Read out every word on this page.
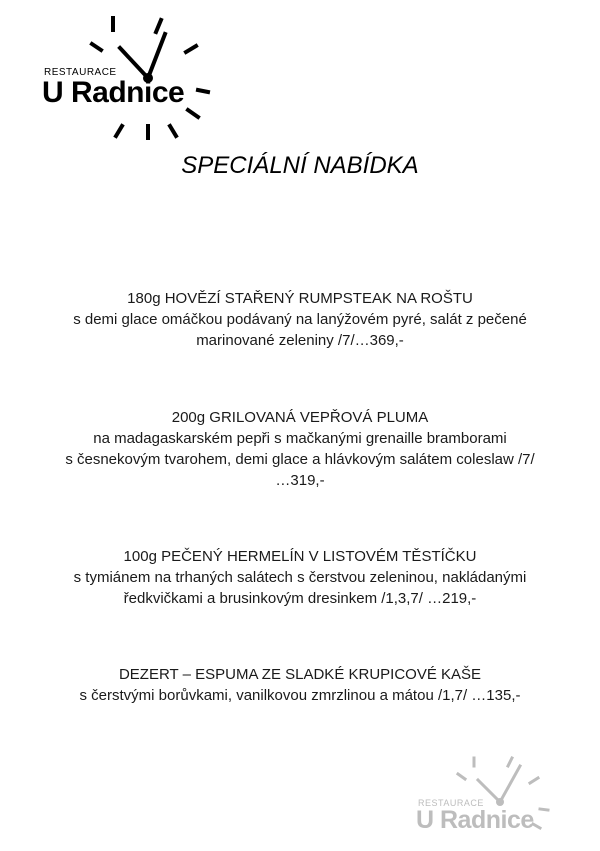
RESTAURACE
U Radnice
SPECIÁLNÍ NABÍDKA

180g HOVĚZÍ STAŘENÝ RUMPSTEAK NA ROŠTU

s demi glace omáčkou podávaný na lanýžovém pyré, salát z pečené

marinované zeleniny /7/…369,-

200g GRILOVANÁ VEPŘOVÁ PLUMA

na madagaskarském pepři s mačkanými grenaille bramborami

s česnekovým tvarohem, demi glace a hlávkovým salátem coleslaw /7/

…319,-

100g PEČENÝ HERMELÍN V LISTOVÉM TĚSTÍČKU

s tymiánem na trhaných salátech s čerstvou zeleninou, nakládanými

ředkvičkami a brusinkovým dresinkem /1,3,7/ …219,-

DEZERT – ESPUMA ZE SLADKÉ KRUPICOVÉ KAŠE

s čerstvými borůvkami, vanilkovou zmrzlinou a mátou /1,7/ …135,-

RESTAURACE
U Radnice
